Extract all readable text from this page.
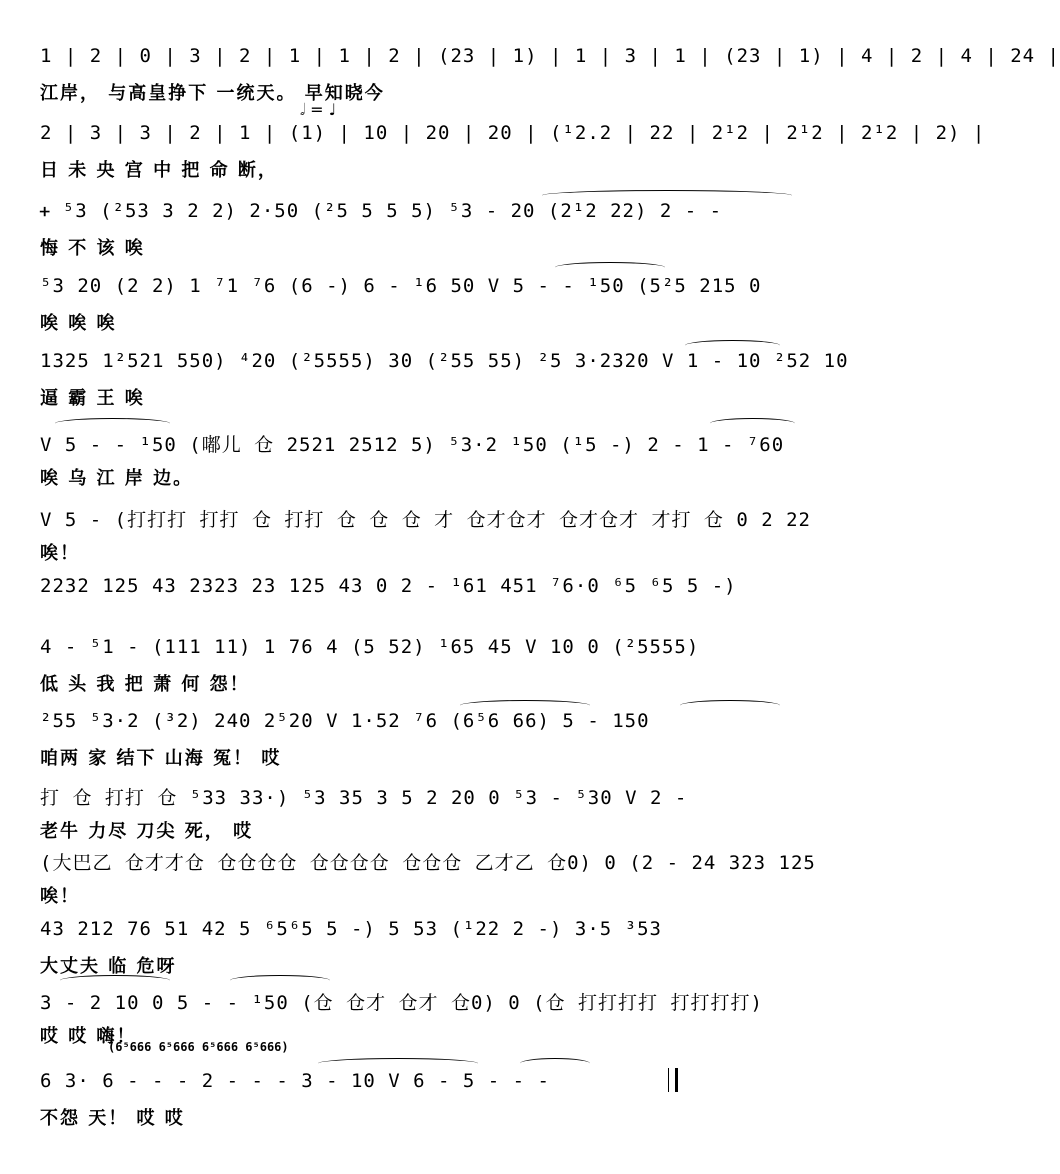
𝅗𝅥 = ♩
(6⁵666 6⁵666 6⁵666 6⁵666)
1 | 2 | 0 | 3 | 2 | 1 | 1 | 2 | (23 | 1) | 1 | 3 | 1 | (23 | 1) | 4 | 2 | 4 | 24 |
江岸， 与高皇挣下 一统天。 早知晓今
2 | 3 | 3 | 2 | 1 | (1) | 10 | 20 | 20 | (¹2.2 | 22 | 2¹2 | 2¹2 | 2¹2 | 2) |
日 未 央 宫 中 把 命 断，
ᚐ ⁵3 (²53 3 2 2) 2·50 (²5 5 5 5) ⁵3 - 20 (2¹2 22) 2 - -
悔 不 该 唉
⁵3 20 (2 2) 1 ⁷1 ⁷6 (6 -) 6 - ¹6 50 V 5 - - ¹50 (5²5 215 0
唉 唉 唉
1325 1²521 550) ⁴20 (²5555) 30 (²55 55) ²5 3·2320 V 1 - 10 ²52 10
逼 霸 王 唉
V 5 - - ¹50 (嘟儿 仓 2521 2512 5) ⁵3·2 ¹50 (¹5 -) 2 - 1 - ⁷60
唉 乌 江 岸 边。
V 5 - (打打打 打打 仓 打打 仓 仓 仓 才 仓才仓才 仓才仓才 才打 仓 0 2 22
唉！
2232 125 43 2323 23 125 43 0 2 - ¹61 451 ⁷6·0 ⁶5 ⁶5 5 -)
4 - ⁵1 - (111 11) 1 76 4 (5 52) ¹65 45 V 10 0 (²5555)
低 头 我 把 萧 何 怨！
²55 ⁵3·2 (³2) 240 2⁵20 V 1·52 ⁷6 (6⁵6 66) 5 - 150
咱两 家 结下 山海 冤！ 哎
打 仓 打打 仓 ⁵33 33·) ⁵3 35 3 5 2 20 0 ⁵3 - ⁵30 V 2 -
老牛 力尽 刀尖 死， 哎
(大巴乙 仓才才仓 仓仓仓仓 仓仓仓仓 仓仓仓 乙才乙 仓0) 0 (2 - 24 323 125
唉！
43 212 76 51 42 5 ⁶5⁶5 5 -) 5 53 (¹22 2 -) 3·5 ³53
大丈夫 临 危呀
3 - 2 10 0 5 - - ¹50 (仓 仓才 仓才 仓0) 0 (仓 打打打打 打打打打)
哎 哎 嗨！
6 3· 6 - - - 2 - - - 3 - 10 V 6 - 5 - - -
不怨 天！ 哎 哎
